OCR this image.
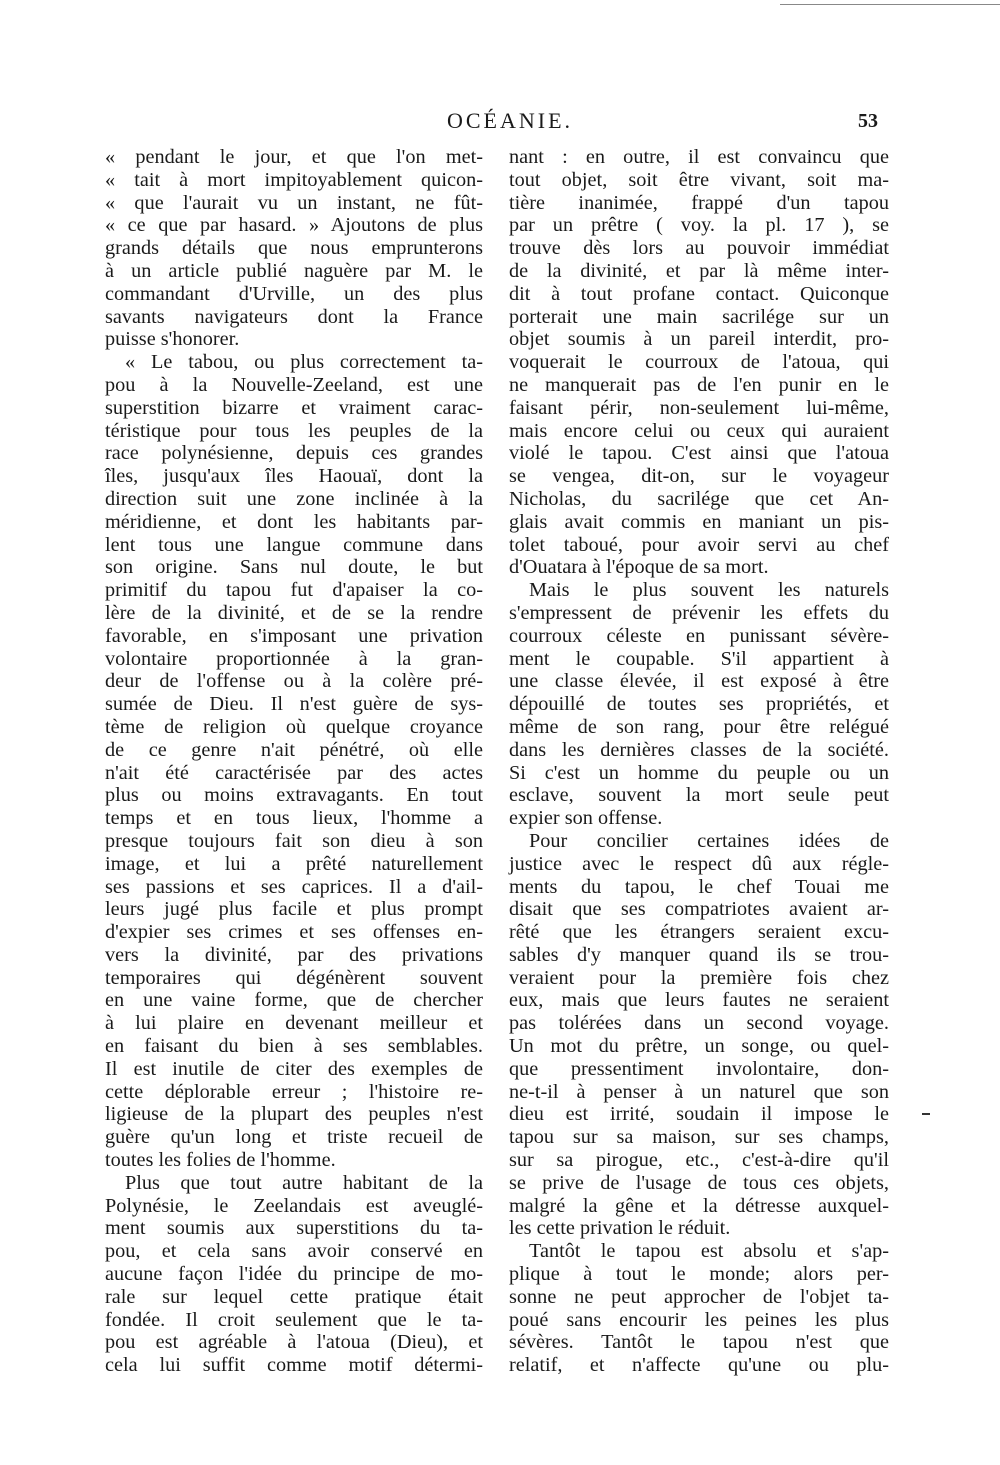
OCÉANIE.	53
« pendant le jour, et que l'on met-
« tait à mort impitoyablement quicon-
« que l'aurait vu un instant, ne fût-
« ce que par hasard. » Ajoutons de plus
grands détails que nous emprunterons
à un article publié naguère par M. le
commandant d'Urville, un des plus
savants navigateurs dont la France
puisse s'honorer.
« Le tabou, ou plus correctement ta-
pou à la Nouvelle-Zeeland, est une
superstition bizarre et vraiment carac-
téristique pour tous les peuples de la
race polynésienne, depuis ces grandes
îles, jusqu'aux îles Haouaï, dont la
direction suit une zone inclinée à la
méridienne, et dont les habitants par-
lent tous une langue commune dans
son origine. Sans nul doute, le but
primitif du tapou fut d'apaiser la co-
lère de la divinité, et de se la rendre
favorable, en s'imposant une privation
volontaire proportionnée à la gran-
deur de l'offense ou à la colère pré-
sumée de Dieu. Il n'est guère de sys-
tème de religion où quelque croyance
de ce genre n'ait pénétré, où elle
n'ait été caractérisée par des actes
plus ou moins extravagants. En tout
temps et en tous lieux, l'homme a
presque toujours fait son dieu à son
image, et lui a prêté naturellement
ses passions et ses caprices. Il a d'ail-
leurs jugé plus facile et plus prompt
d'expier ses crimes et ses offenses en-
vers la divinité, par des privations
temporaires qui dégénèrent souvent
en une vaine forme, que de chercher
à lui plaire en devenant meilleur et
en faisant du bien à ses semblables.
Il est inutile de citer des exemples de
cette déplorable erreur ; l'histoire re-
ligieuse de la plupart des peuples n'est
guère qu'un long et triste recueil de
toutes les folies de l'homme.
Plus que tout autre habitant de la
Polynésie, le Zeelandais est aveuglé-
ment soumis aux superstitions du ta-
pou, et cela sans avoir conservé en
aucune façon l'idée du principe de mo-
rale sur lequel cette pratique était
fondée. Il croit seulement que le ta-
pou est agréable à l'atoua (Dieu), et
cela lui suffit comme motif détermi-
nant : en outre, il est convaincu que
tout objet, soit être vivant, soit ma-
tière inanimée, frappé d'un tapou
par un prêtre ( voy. la pl. 17 ), se
trouve dès lors au pouvoir immédiat
de la divinité, et par là même inter-
dit à tout profane contact. Quiconque
porterait une main sacrilége sur un
objet soumis à un pareil interdit, pro-
voquerait le courroux de l'atoua, qui
ne manquerait pas de l'en punir en le
faisant périr, non-seulement lui-même,
mais encore celui ou ceux qui auraient
violé le tapou. C'est ainsi que l'atoua
se vengea, dit-on, sur le voyageur
Nicholas, du sacrilége que cet An-
glais avait commis en maniant un pis-
tolet taboué, pour avoir servi au chef
d'Ouatara à l'époque de sa mort.
Mais le plus souvent les naturels
s'empressent de prévenir les effets du
courroux céleste en punissant sévère-
ment le coupable. S'il appartient à
une classe élevée, il est exposé à être
dépouillé de toutes ses propriétés, et
même de son rang, pour être relégué
dans les dernières classes de la société.
Si c'est un homme du peuple ou un
esclave, souvent la mort seule peut
expier son offense.
Pour concilier certaines idées de
justice avec le respect dû aux régle-
ments du tapou, le chef Touai me
disait que ses compatriotes avaient ar-
rêté que les étrangers seraient excu-
sables d'y manquer quand ils se trou-
veraient pour la première fois chez
eux, mais que leurs fautes ne seraient
pas tolérées dans un second voyage.
Un mot du prêtre, un songe, ou quel-
que pressentiment involontaire, don-
ne-t-il à penser à un naturel que son
dieu est irrité, soudain il impose le
tapou sur sa maison, sur ses champs,
sur sa pirogue, etc., c'est-à-dire qu'il
se prive de l'usage de tous ces objets,
malgré la gêne et la détresse auxquel-
les cette privation le réduit.
Tantôt le tapou est absolu et s'ap-
plique à tout le monde; alors per-
sonne ne peut approcher de l'objet ta-
poué sans encourir les peines les plus
sévères. Tantôt le tapou n'est que
relatif, et n'affecte qu'une ou plu-
